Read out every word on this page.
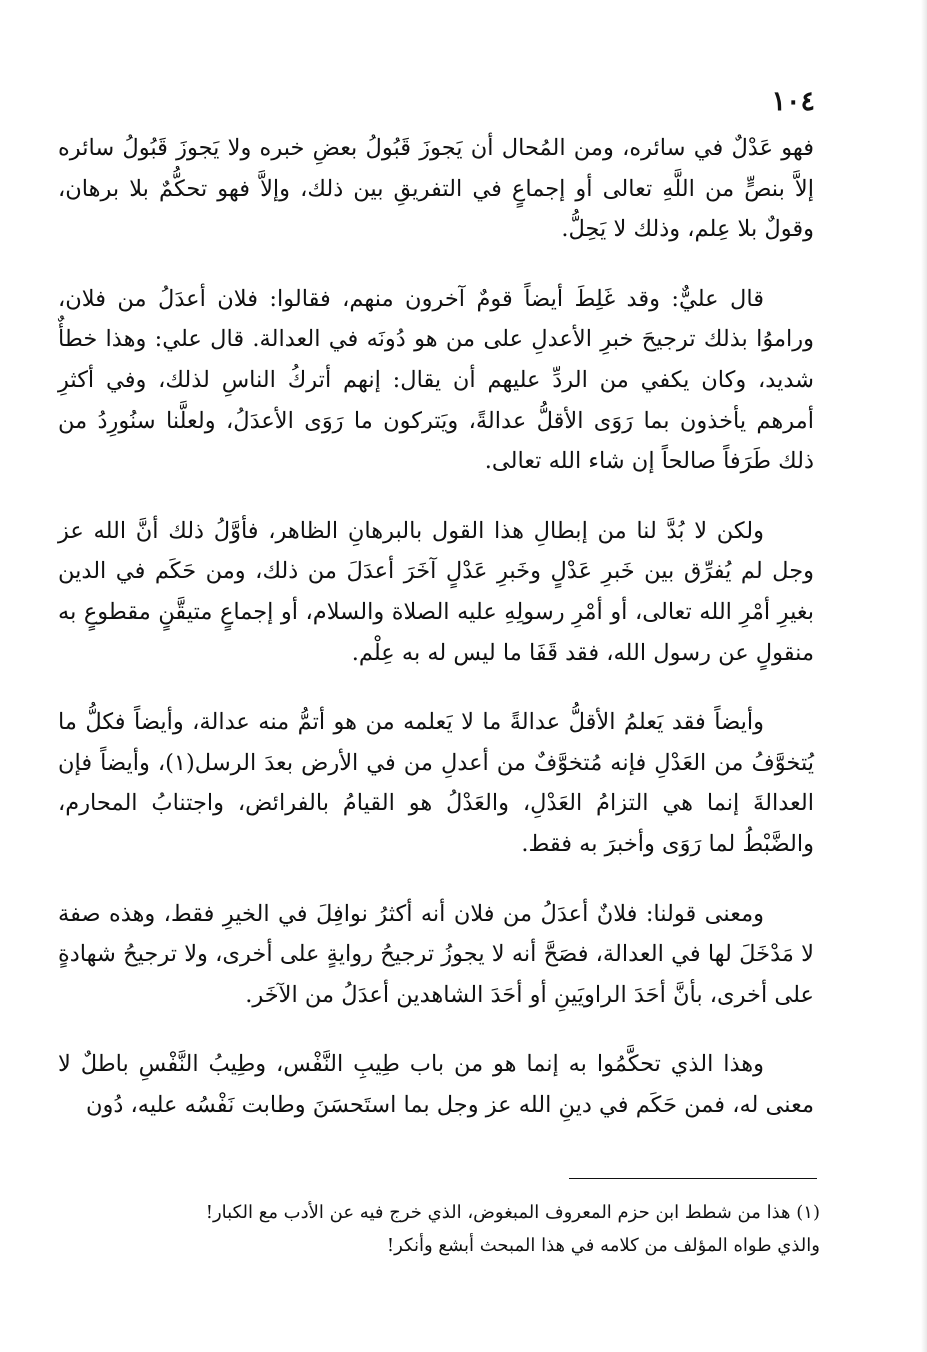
١٠٤

فهو عَدْلٌ في سائره، ومن المُحال أن يَجوزَ قَبُولُ بعضِ خبره ولا يَجوزَ قَبُولُ سائره إلاَّ بنصٍّ من اللَّهِ تعالى أو إجماعٍ في التفريقِ بين ذلك، وإلاَّ فهو تحكُّمٌ بلا برهان، وقولٌ بلا عِلم، وذلك لا يَحِلُّ.

قال عليٌّ: وقد غَلِطَ أيضاً قومٌ آخرون منهم، فقالوا: فلان أعدَلُ من فلان، وراموُا بذلك ترجيحَ خبرِ الأعدلِ على من هو دُونَه في العدالة. قال علي: وهذا خطأٌ شديد، وكان يكفي من الردِّ عليهم أن يقال: إنهم أتركُ الناسِ لذلك، وفي أكثرِ أمرهم يأخذون بما رَوَى الأقلُّ عدالةً، ويَتركون ما رَوَى الأعدَلُ، ولعلَّنا سنُورِدُ من ذلك طَرَفاً صالحاً إن شاء الله تعالى.

ولكن لا بُدَّ لنا من إبطالِ هذا القول بالبرهانِ الظاهر، فأوَّلُ ذلك أنَّ الله عز وجل لم يُفرِّق بين خَبرِ عَدْلٍ وخَبرِ عَدْلٍ آخَرَ أعدَلَ من ذلك، ومن حَكَم في الدين بغيرِ أمْرِ الله تعالى، أو أمْرِ رسولِهِ عليه الصلاة والسلام، أو إجماعٍ متيقَّنٍ مقطوعٍ به منقولٍ عن رسول الله، فقد قَفَا ما ليس له به عِلْم.

وأيضاً فقد يَعلمُ الأقلُّ عدالةً ما لا يَعلمه من هو أتمُّ منه عدالة، وأيضاً فكلُّ ما يُتخوَّفُ من العَدْلِ فإنه مُتخوَّفٌ من أعدلِ من في الأرض بعدَ الرسل(١)، وأيضاً فإن العدالةَ إنما هي التزامُ العَدْلِ، والعَدْلُ هو القيامُ بالفرائض، واجتنابُ المحارم، والضَّبْطُ لما رَوَى وأخبرَ به فقط.

ومعنى قولنا: فلانٌ أعدَلُ من فلان أنه أكثرُ نوافِلَ في الخيرِ فقط، وهذه صفة لا مَدْخَلَ لها في العدالة، فصَحَّ أنه لا يجوزُ ترجيحُ روايةٍ على أخرى، ولا ترجيحُ شهادةٍ على أخرى، بأنَّ أحَدَ الراويَينِ أو أحَدَ الشاهدين أعدَلُ من الآخَر.

وهذا الذي تحكَّمُوا به إنما هو من باب طِيبِ النَّفْس، وطِيبُ النَّفْسِ باطلٌ لا معنى له، فمن حَكَم في دينِ الله عز وجل بما استَحسَنَ وطابت نَفْسُه عليه، دُون

(١) هذا من شطط ابن حزم المعروف المبغوض، الذي خرج فيه عن الأدب مع الكبار!

والذي طواه المؤلف من كلامه في هذا المبحث أبشع وأنكر!
